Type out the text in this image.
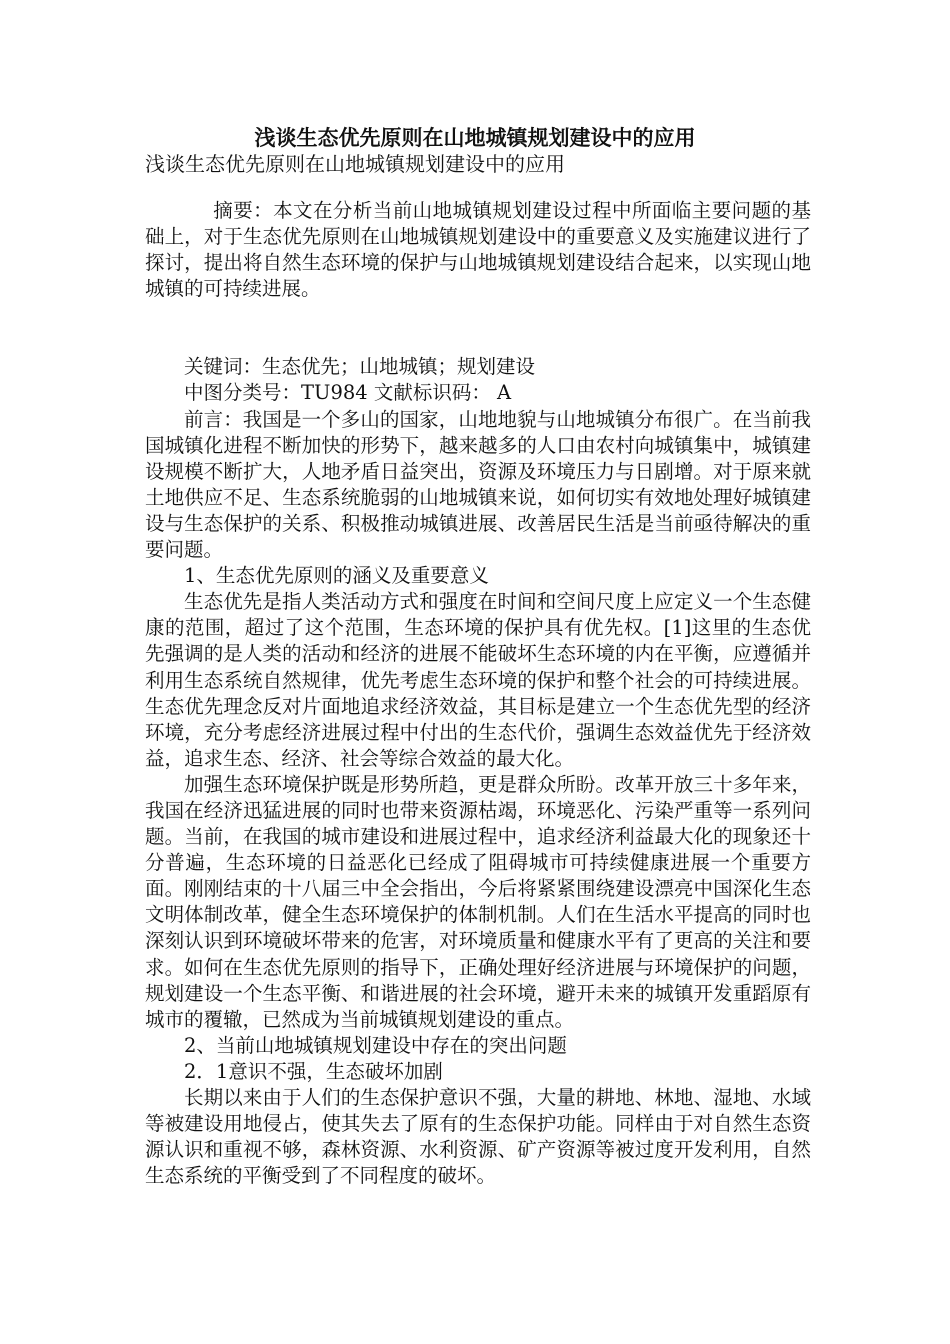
浅谈生态优先原则在山地城镇规划建设中的应用

浅谈生态优先原则在山地城镇规划建设中的应用

摘要：本文在分析当前山地城镇规划建设过程中所面临主要问题的基础上，对于生态优先原则在山地城镇规划建设中的重要意义及实施建议进行了探讨，提出将自然生态环境的保护与山地城镇规划建设结合起来，以实现山地城镇的可持续进展。

关键词：生态优先；山地城镇；规划建设

中图分类号：TU984 文献标识码： A

前言：我国是一个多山的国家，山地地貌与山地城镇分布很广。在当前我国城镇化进程不断加快的形势下，越来越多的人口由农村向城镇集中，城镇建设规模不断扩大，人地矛盾日益突出，资源及环境压力与日剧增。对于原来就土地供应不足、生态系统脆弱的山地城镇来说，如何切实有效地处理好城镇建设与生态保护的关系、积极推动城镇进展、改善居民生活是当前亟待解决的重要问题。

1、生态优先原则的涵义及重要意义

生态优先是指人类活动方式和强度在时间和空间尺度上应定义一个生态健康的范围，超过了这个范围，生态环境的保护具有优先权。[1]这里的生态优先强调的是人类的活动和经济的进展不能破坏生态环境的内在平衡，应遵循并利用生态系统自然规律，优先考虑生态环境的保护和整个社会的可持续进展。生态优先理念反对片面地追求经济效益，其目标是建立一个生态优先型的经济环境，充分考虑经济进展过程中付出的生态代价，强调生态效益优先于经济效益，追求生态、经济、社会等综合效益的最大化。

加强生态环境保护既是形势所趋，更是群众所盼。改革开放三十多年来，我国在经济迅猛进展的同时也带来资源枯竭，环境恶化、污染严重等一系列问题。当前，在我国的城市建设和进展过程中，追求经济利益最大化的现象还十分普遍，生态环境的日益恶化已经成了阻碍城市可持续健康进展一个重要方面。刚刚结束的十八届三中全会指出，今后将紧紧围绕建设漂亮中国深化生态文明体制改革，健全生态环境保护的体制机制。人们在生活水平提高的同时也深刻认识到环境破坏带来的危害，对环境质量和健康水平有了更高的关注和要求。如何在生态优先原则的指导下，正确处理好经济进展与环境保护的问题，规划建设一个生态平衡、和谐进展的社会环境，避开未来的城镇开发重蹈原有城市的覆辙，已然成为当前城镇规划建设的重点。

2、当前山地城镇规划建设中存在的突出问题

2．1意识不强，生态破坏加剧

长期以来由于人们的生态保护意识不强，大量的耕地、林地、湿地、水域等被建设用地侵占，使其失去了原有的生态保护功能。同样由于对自然生态资源认识和重视不够，森林资源、水利资源、矿产资源等被过度开发利用，自然生态系统的平衡受到了不同程度的破坏。
